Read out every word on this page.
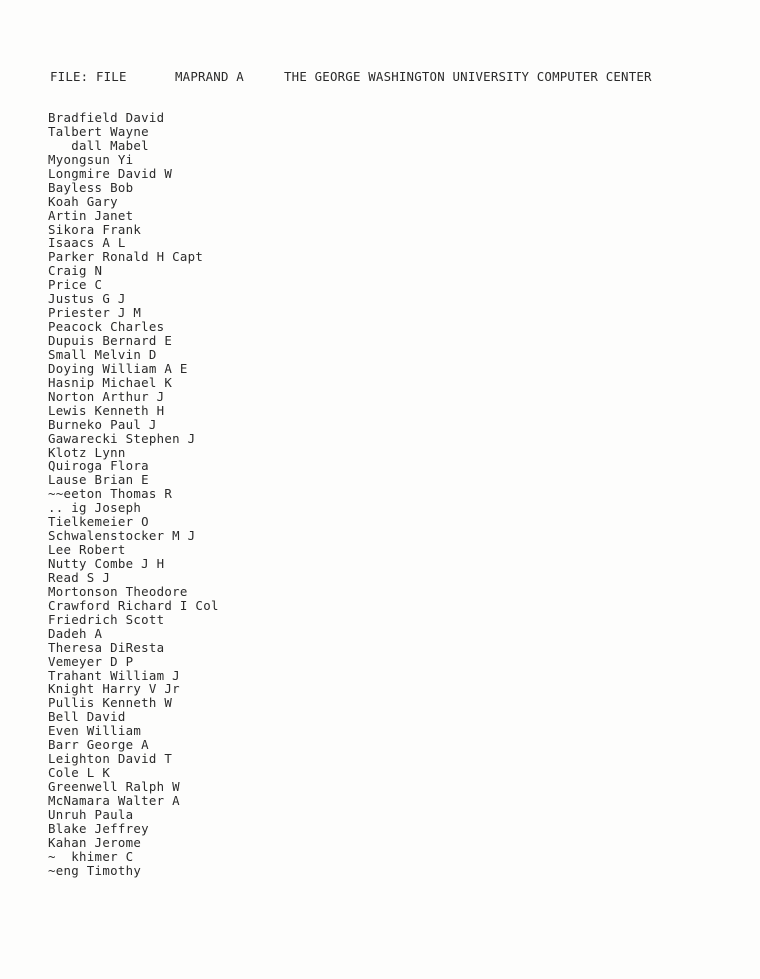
FILE: FILE	MAPRAND A	THE GEORGE WASHINGTON UNIVERSITY COMPUTER CENTER
Bradfield David
Talbert Wayne
dall Mabel
Myongsun Yi
Longmire David W
Bayless Bob
Koah Gary
Artin Janet
Sikora Frank
Isaacs A L
Parker Ronald H Capt
Craig N
Price C
Justus G J
Priester J M
Peacock Charles
Dupuis Bernard E
Small Melvin D
Doying William A E
Hasnip Michael K
Norton Arthur J
Lewis Kenneth H
Burneko Paul J
Gawarecki Stephen J
Klotz Lynn
Quiroga Flora
Lause Brian E
~~eeton Thomas R
.. ig Joseph
Tielkemeier O
Schwalenstocker M J
Lee Robert
Nutty Combe J H
Read S J
Mortonson Theodore
Crawford Richard I Col
Friedrich Scott
Dadeh A
Theresa DiResta
Vemeyer D P
Trahant William J
Knight Harry V Jr
Pullis Kenneth W
Bell David
Even William
Barr George A
Leighton David T
Cole L K
Greenwell Ralph W
McNamara Walter A
Unruh Paula
Blake Jeffrey
Kahan Jerome
~  khimer C
~eng Timothy
